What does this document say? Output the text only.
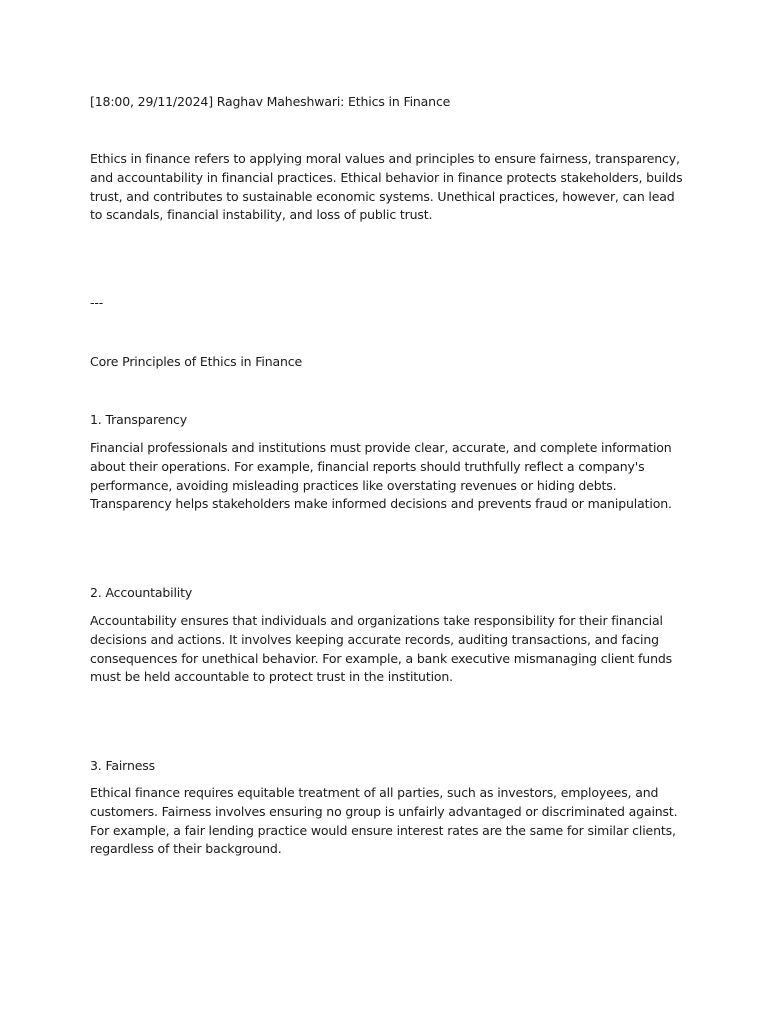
[18:00, 29/11/2024] Raghav Maheshwari: Ethics in Finance
Ethics in finance refers to applying moral values and principles to ensure fairness, transparency, and accountability in financial practices. Ethical behavior in finance protects stakeholders, builds trust, and contributes to sustainable economic systems. Unethical practices, however, can lead to scandals, financial instability, and loss of public trust.
---
Core Principles of Ethics in Finance
1. Transparency
Financial professionals and institutions must provide clear, accurate, and complete information about their operations. For example, financial reports should truthfully reflect a company's performance, avoiding misleading practices like overstating revenues or hiding debts. Transparency helps stakeholders make informed decisions and prevents fraud or manipulation.
2. Accountability
Accountability ensures that individuals and organizations take responsibility for their financial decisions and actions. It involves keeping accurate records, auditing transactions, and facing consequences for unethical behavior. For example, a bank executive mismanaging client funds must be held accountable to protect trust in the institution.
3. Fairness
Ethical finance requires equitable treatment of all parties, such as investors, employees, and customers. Fairness involves ensuring no group is unfairly advantaged or discriminated against. For example, a fair lending practice would ensure interest rates are the same for similar clients, regardless of their background.
